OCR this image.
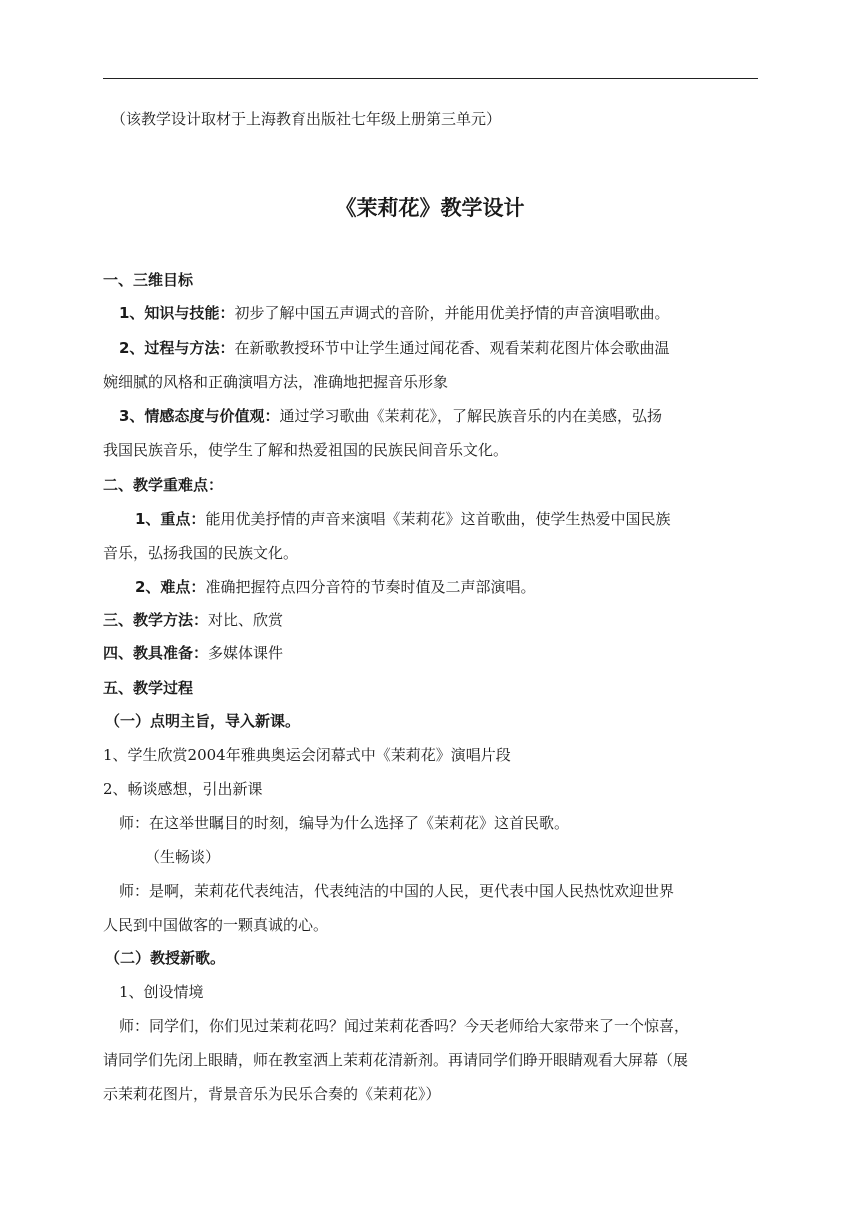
（该教学设计取材于上海教育出版社七年级上册第三单元）
《茉莉花》教学设计
一、三维目标
1、知识与技能：初步了解中国五声调式的音阶，并能用优美抒情的声音演唱歌曲。
2、过程与方法：在新歌教授环节中让学生通过闻花香、观看茉莉花图片体会歌曲温
婉细腻的风格和正确演唱方法，准确地把握音乐形象
3、情感态度与价值观：通过学习歌曲《茉莉花》，了解民族音乐的内在美感，弘扬
我国民族音乐，使学生了解和热爱祖国的民族民间音乐文化。
二、教学重难点：
1、重点：能用优美抒情的声音来演唱《茉莉花》这首歌曲，使学生热爱中国民族
音乐，弘扬我国的民族文化。
2、难点：准确把握符点四分音符的节奏时值及二声部演唱。
三、教学方法：对比、欣赏
四、教具准备：多媒体课件
五、教学过程
（一）点明主旨，导入新课。
1、学生欣赏2004年雅典奥运会闭幕式中《茉莉花》演唱片段
2、畅谈感想，引出新课
师：在这举世瞩目的时刻，编导为什么选择了《茉莉花》这首民歌。
（生畅谈）
师：是啊，茉莉花代表纯洁，代表纯洁的中国的人民，更代表中国人民热忱欢迎世界
人民到中国做客的一颗真诚的心。
（二）教授新歌。
1、创设情境
师：同学们，你们见过茉莉花吗？闻过茉莉花香吗？今天老师给大家带来了一个惊喜，
请同学们先闭上眼睛，师在教室洒上茉莉花清新剂。再请同学们睁开眼睛观看大屏幕（展
示茉莉花图片，背景音乐为民乐合奏的《茉莉花》）
